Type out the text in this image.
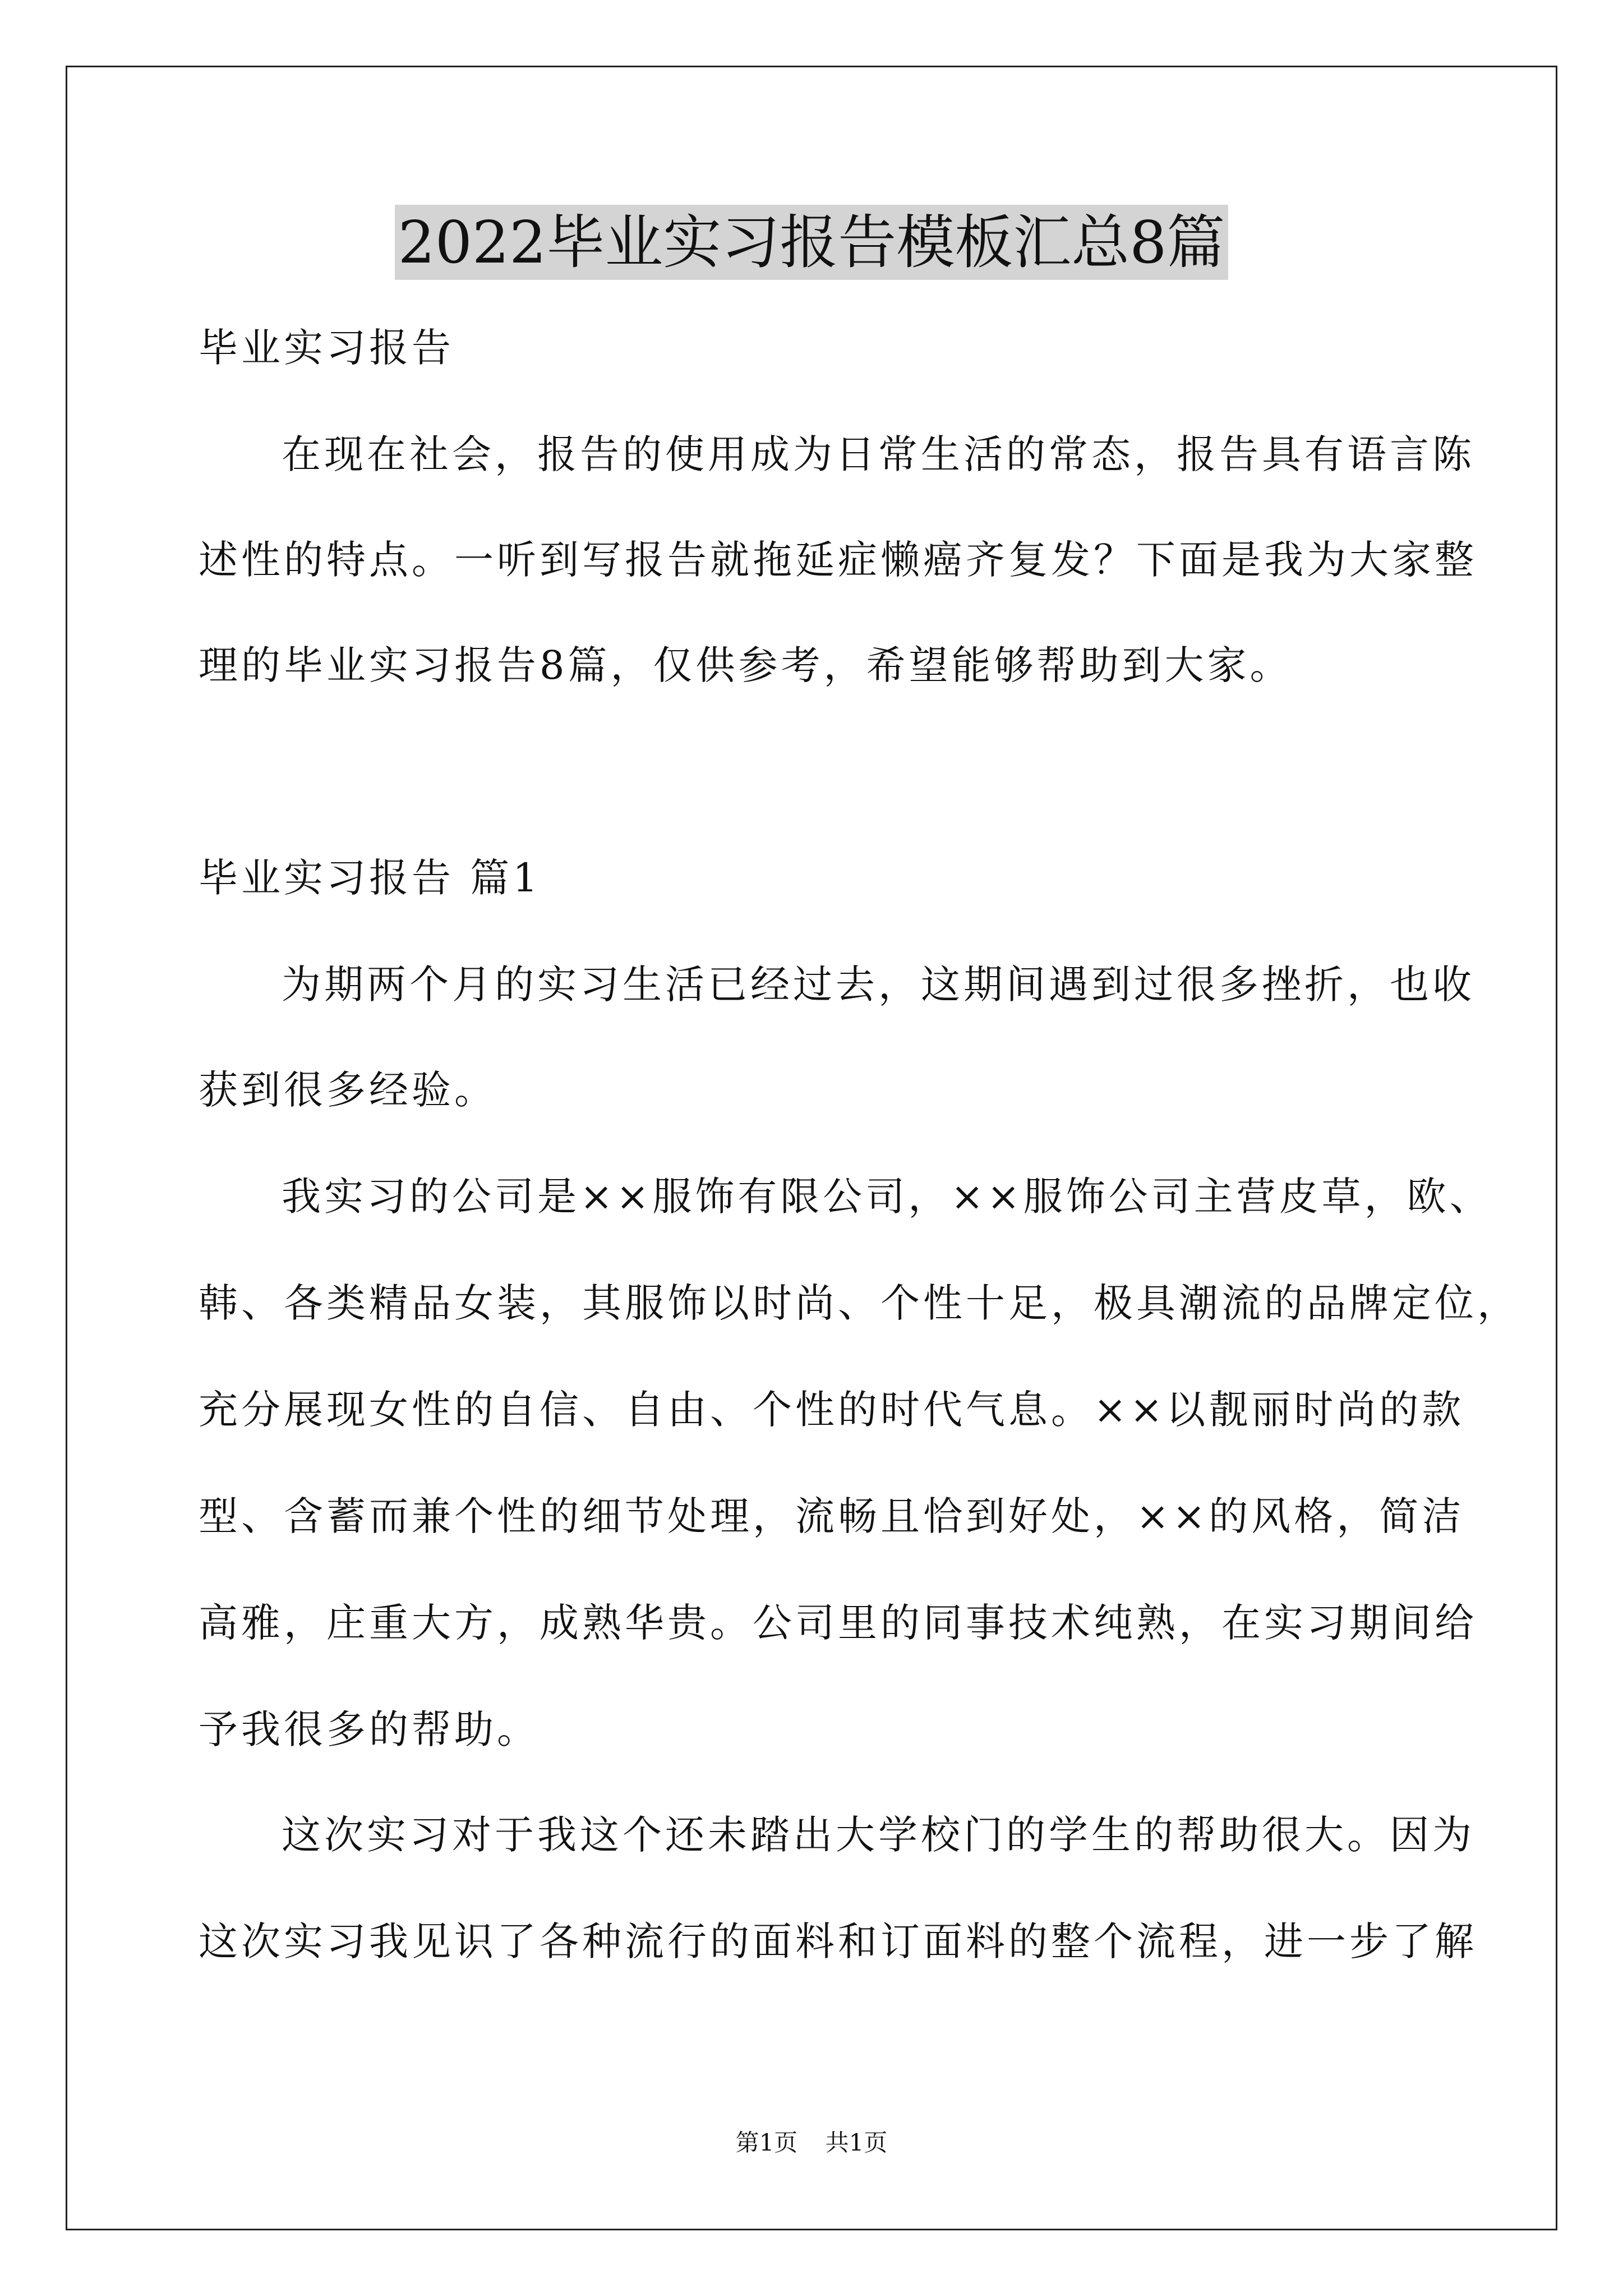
2022毕业实习报告模板汇总8篇
毕业实习报告
在现在社会，报告的使用成为日常生活的常态，报告具有语言陈
述性的特点。一听到写报告就拖延症懒癌齐复发？下面是我为大家整
理的毕业实习报告8篇，仅供参考，希望能够帮助到大家。
毕业实习报告 篇1
为期两个月的实习生活已经过去，这期间遇到过很多挫折，也收
获到很多经验。
我实习的公司是××服饰有限公司，××服饰公司主营皮草，欧、
韩、各类精品女装，其服饰以时尚、个性十足，极具潮流的品牌定位，
充分展现女性的自信、自由、个性的时代气息。××以靓丽时尚的款
型、含蓄而兼个性的细节处理，流畅且恰到好处，××的风格，简洁
高雅，庄重大方，成熟华贵。公司里的同事技术纯熟，在实习期间给
予我很多的帮助。
这次实习对于我这个还未踏出大学校门的学生的帮助很大。因为
这次实习我见识了各种流行的面料和订面料的整个流程，进一步了解
第1页 共1页
